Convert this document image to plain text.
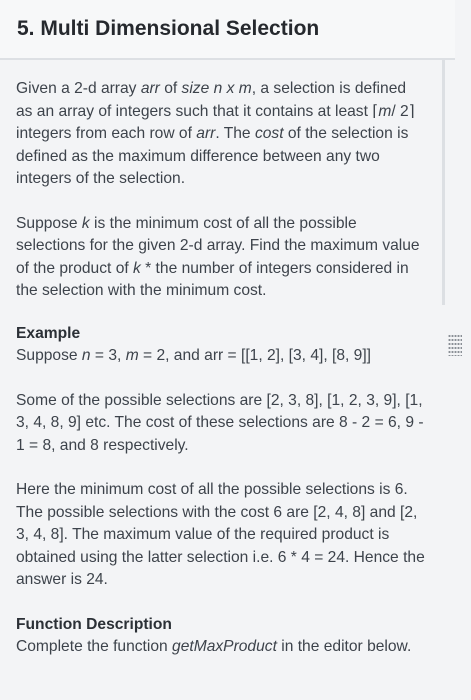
5. Multi Dimensional Selection

Given a 2-d array arr of size n x m, a selection is defined as an array of integers such that it contains at least ⌈m/ 2⌉ integers from each row of arr. The cost of the selection is defined as the maximum difference between any two integers of the selection.

Suppose k is the minimum cost of all the possible selections for the given 2-d array. Find the maximum value of the product of k * the number of integers considered in the selection with the minimum cost.

Example

Suppose n = 3, m = 2, and arr = [[1, 2], [3, 4], [8, 9]]

Some of the possible selections are [2, 3, 8], [1, 2, 3, 9], [1, 3, 4, 8, 9] etc. The cost of these selections are 8 - 2 = 6, 9 - 1 = 8, and 8 respectively.

Here the minimum cost of all the possible selections is 6. The possible selections with the cost 6 are [2, 4, 8] and [2, 3, 4, 8]. The maximum value of the required product is obtained using the latter selection i.e. 6 * 4 = 24. Hence the answer is 24.

Function Description

Complete the function getMaxProduct in the editor below.
